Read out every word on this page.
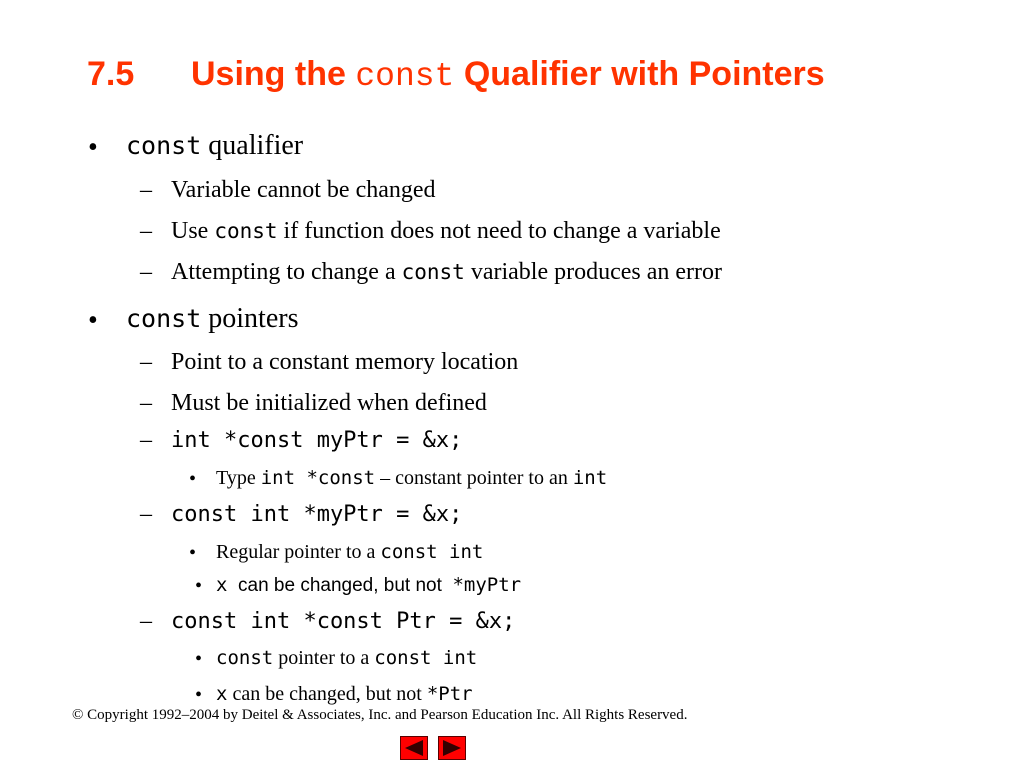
7.5 Using the const Qualifier with Pointers
• const qualifier
– Variable cannot be changed
– Use const if function does not need to change a variable
– Attempting to change a const variable produces an error
• const pointers
– Point to a constant memory location
– Must be initialized when defined
– int *const myPtr = &x;
• Type int *const – constant pointer to an int
– const int *myPtr = &x;
• Regular pointer to a const int
• x  can be changed, but not  *myPtr
– const int *const Ptr = &x;
• const pointer to a const int
• x can be changed, but not *Ptr
© Copyright 1992–2004 by Deitel & Associates, Inc. and Pearson Education Inc. All Rights Reserved.
